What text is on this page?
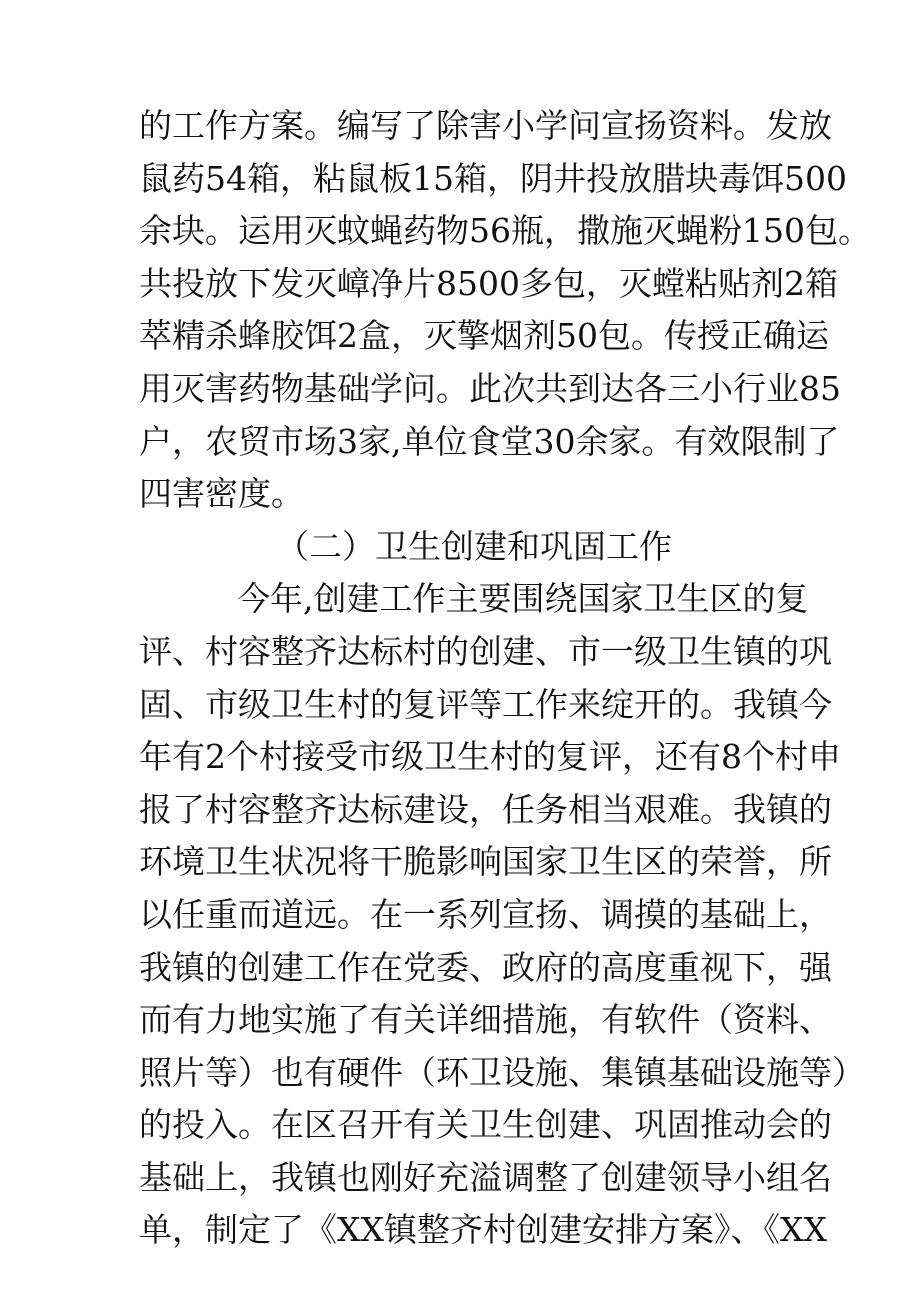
的工作方案。编写了除害小学问宣扬资料。发放
鼠药54箱，粘鼠板15箱，阴井投放腊块毒饵500
余块。运用灭蚊蝇药物56瓶，撒施灭蝇粉150包。
共投放下发灭嶂净片8500多包，灭螳粘贴剂2箱
萃精杀蜂胶饵2盒，灭擎烟剂50包。传授正确运
用灭害药物基础学问。此次共到达各三小行业85
户，农贸市场3家,单位食堂30余家。有效限制了
四害密度。
（二）卫生创建和巩固工作
今年,创建工作主要围绕国家卫生区的复
评、村容整齐达标村的创建、市一级卫生镇的巩
固、市级卫生村的复评等工作来绽开的。我镇今
年有2个村接受市级卫生村的复评，还有8个村申
报了村容整齐达标建设，任务相当艰难。我镇的
环境卫生状况将干脆影响国家卫生区的荣誉，所
以任重而道远。在一系列宣扬、调摸的基础上，
我镇的创建工作在党委、政府的高度重视下，强
而有力地实施了有关详细措施，有软件（资料、
照片等）也有硬件（环卫设施、集镇基础设施等）
的投入。在区召开有关卫生创建、巩固推动会的
基础上，我镇也刚好充溢调整了创建领导小组名
单，制定了《XX镇整齐村创建安排方案》、《XX
